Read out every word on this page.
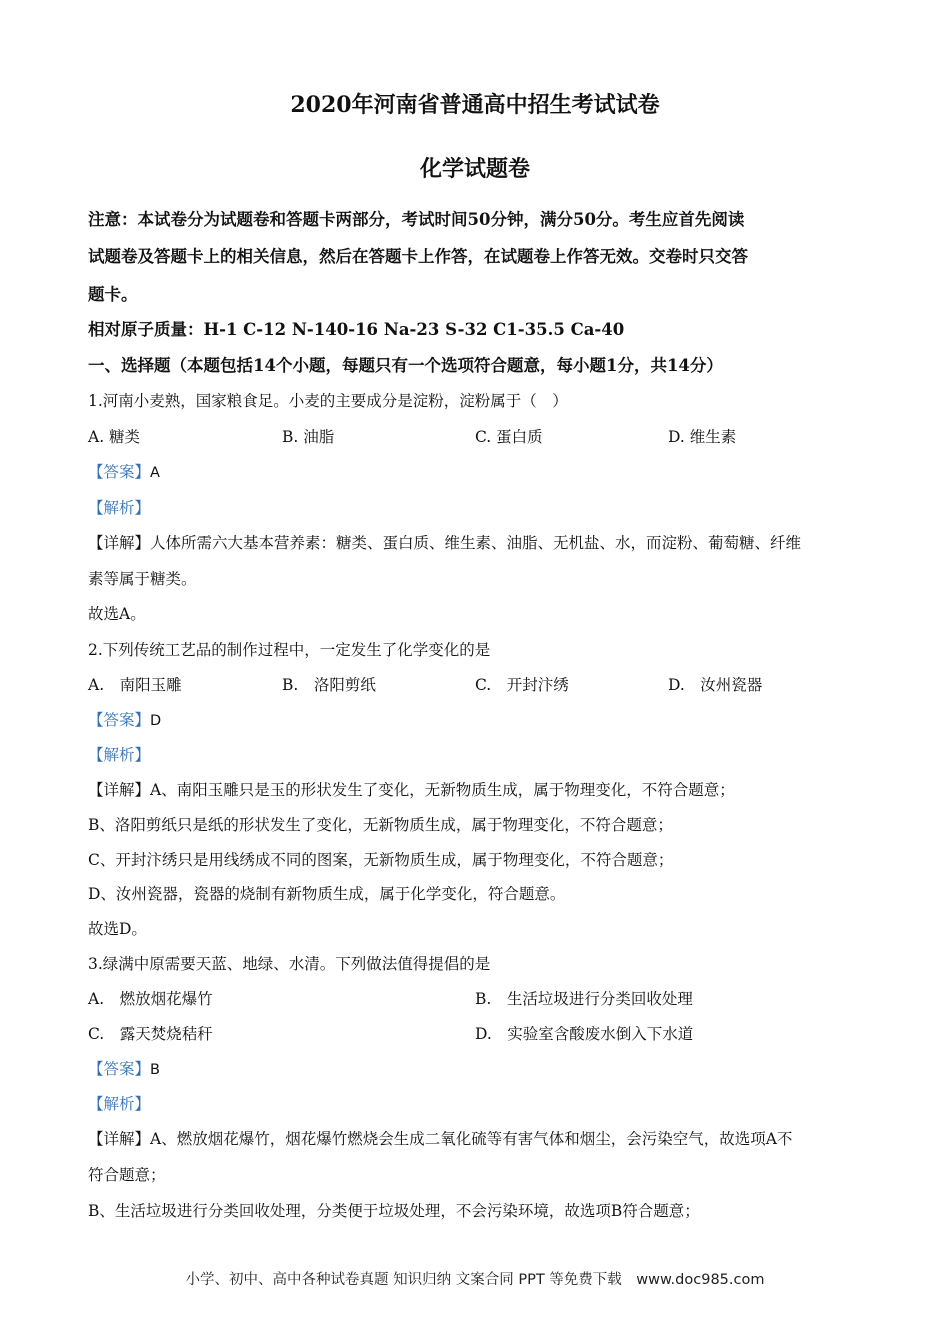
2020年河南省普通高中招生考试试卷
化学试题卷
注意：本试卷分为试题卷和答题卡两部分，考试时间50分钟，满分50分。考生应首先阅读
试题卷及答题卡上的相关信息，然后在答题卡上作答，在试题卷上作答无效。交卷时只交答
题卡。
相对原子质量：H-1 C-12 N-140-16 Na-23 S-32 C1-35.5 Ca-40
一、选择题（本题包括14个小题，每题只有一个选项符合题意，每小题1分，共14分）
1.河南小麦熟，国家粮食足。小麦的主要成分是淀粉，淀粉属于（　）
A. 糖类	B. 油脂	C. 蛋白质	D. 维生素
【答案】A
【解析】
【详解】人体所需六大基本营养素：糖类、蛋白质、维生素、油脂、无机盐、水，而淀粉、葡萄糖、纤维
素等属于糖类。
故选A。
2.下列传统工艺品的制作过程中，一定发生了化学变化的是
A.　南阳玉雕	B.　洛阳剪纸	C.　开封汴绣	D.　汝州瓷器
【答案】D
【解析】
【详解】A、南阳玉雕只是玉的形状发生了变化，无新物质生成，属于物理变化，不符合题意；
B、洛阳剪纸只是纸的形状发生了变化，无新物质生成，属于物理变化，不符合题意；
C、开封汴绣只是用线绣成不同的图案，无新物质生成，属于物理变化，不符合题意；
D、汝州瓷器，瓷器的烧制有新物质生成，属于化学变化，符合题意。
故选D。
3.绿满中原需要天蓝、地绿、水清。下列做法值得提倡的是
A.　燃放烟花爆竹	B.　生活垃圾进行分类回收处理
C.　露天焚烧秸秆	D.　实验室含酸废水倒入下水道
【答案】B
【解析】
【详解】A、燃放烟花爆竹，烟花爆竹燃烧会生成二氧化硫等有害气体和烟尘，会污染空气，故选项A不
符合题意；
B、生活垃圾进行分类回收处理，分类便于垃圾处理，不会污染环境，故选项B符合题意；
小学、初中、高中各种试卷真题 知识归纳 文案合同 PPT 等免费下载　www.doc985.com
